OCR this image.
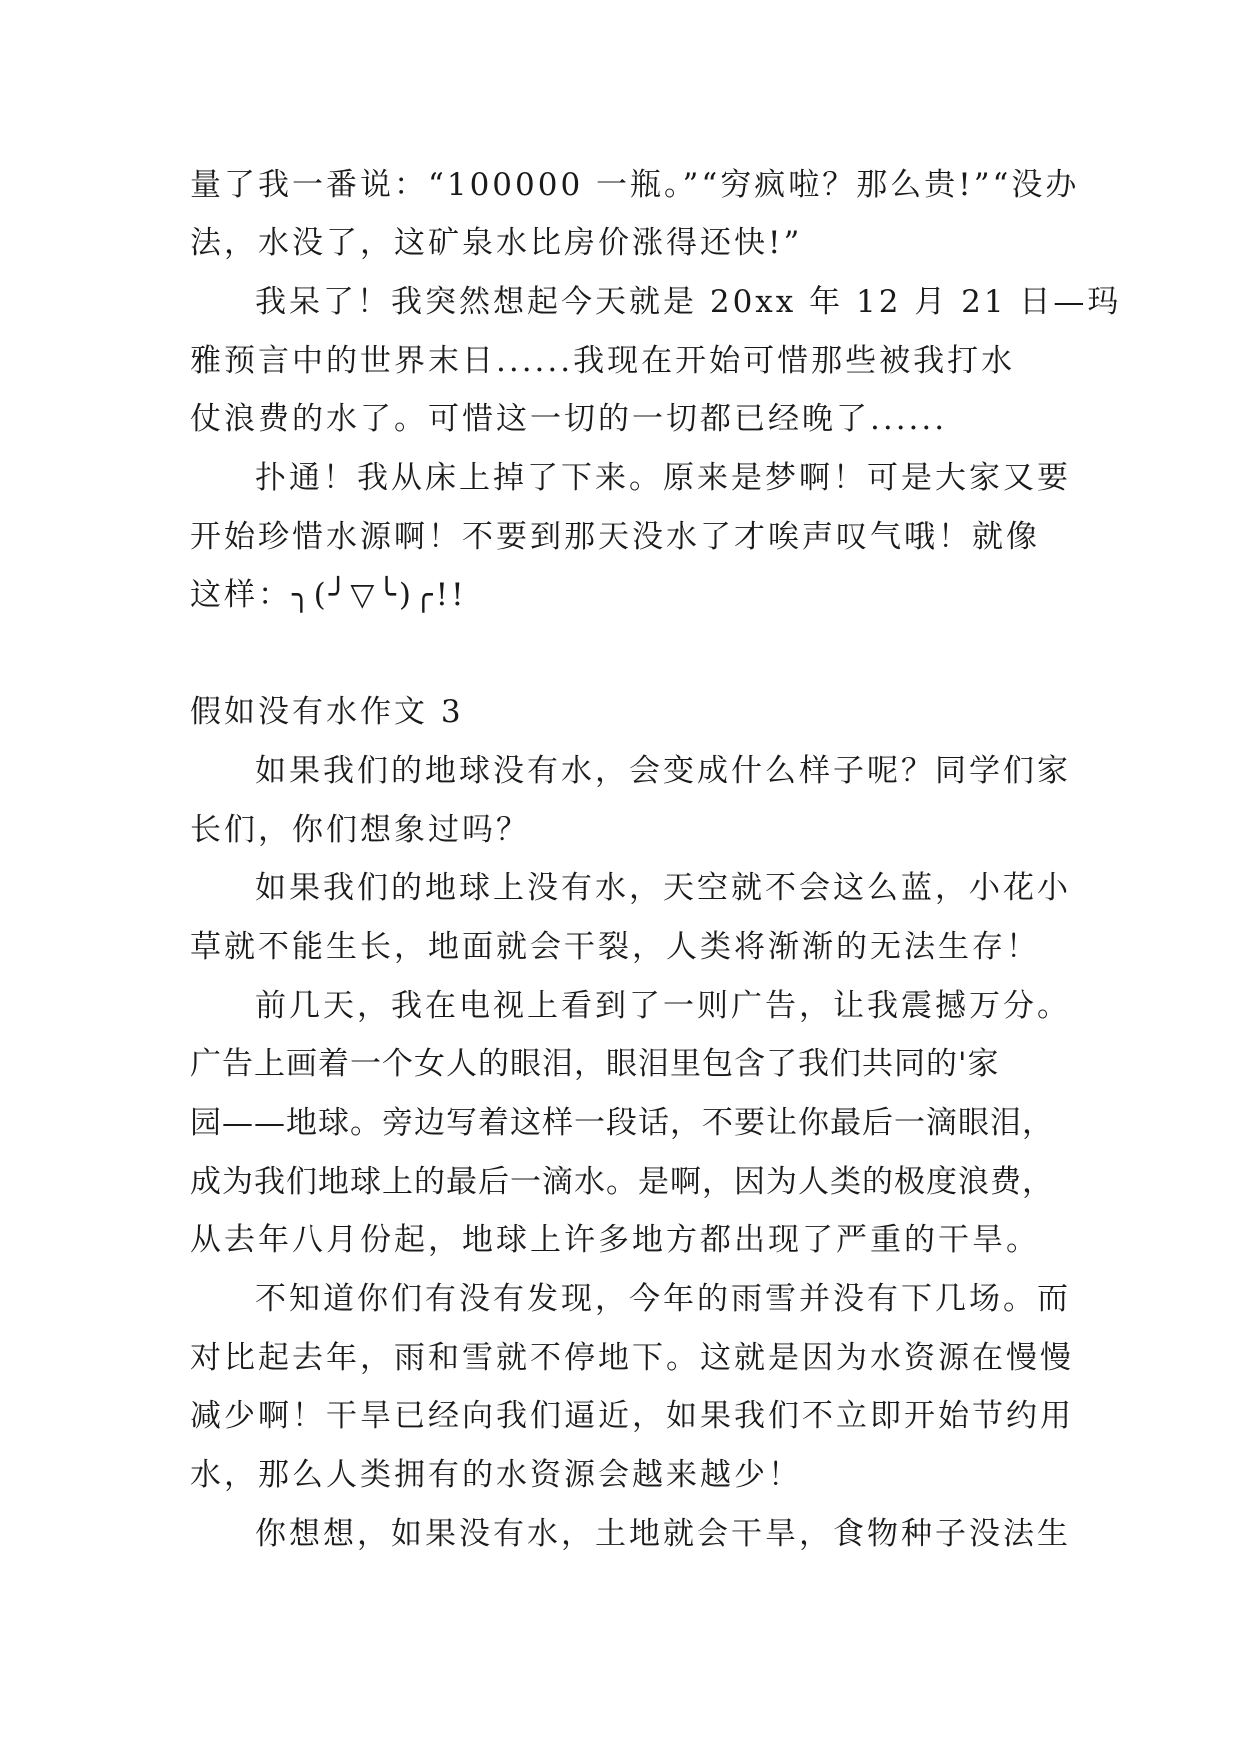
量了我一番说：“100000 一瓶。”“穷疯啦？那么贵!”“没办
法，水没了，这矿泉水比房价涨得还快!”
我呆了！我突然想起今天就是 20xx 年 12 月 21 日—玛
雅预言中的世界末日......我现在开始可惜那些被我打水
仗浪费的水了。可惜这一切的一切都已经晚了......
扑通！我从床上掉了下来。原来是梦啊！可是大家又要
开始珍惜水源啊！不要到那天没水了才唉声叹气哦！就像
这样：╮(╯▽╰)╭!!
假如没有水作文 3
如果我们的地球没有水，会变成什么样子呢？同学们家
长们，你们想象过吗？
如果我们的地球上没有水，天空就不会这么蓝，小花小
草就不能生长，地面就会干裂，人类将渐渐的无法生存！
前几天，我在电视上看到了一则广告，让我震撼万分。
广告上画着一个女人的眼泪，眼泪里包含了我们共同的'家
园——地球。旁边写着这样一段话，不要让你最后一滴眼泪，
成为我们地球上的最后一滴水。是啊，因为人类的极度浪费，
从去年八月份起，地球上许多地方都出现了严重的干旱。
不知道你们有没有发现，今年的雨雪并没有下几场。而
对比起去年，雨和雪就不停地下。这就是因为水资源在慢慢
减少啊！干旱已经向我们逼近，如果我们不立即开始节约用
水，那么人类拥有的水资源会越来越少！
你想想，如果没有水，土地就会干旱，食物种子没法生
